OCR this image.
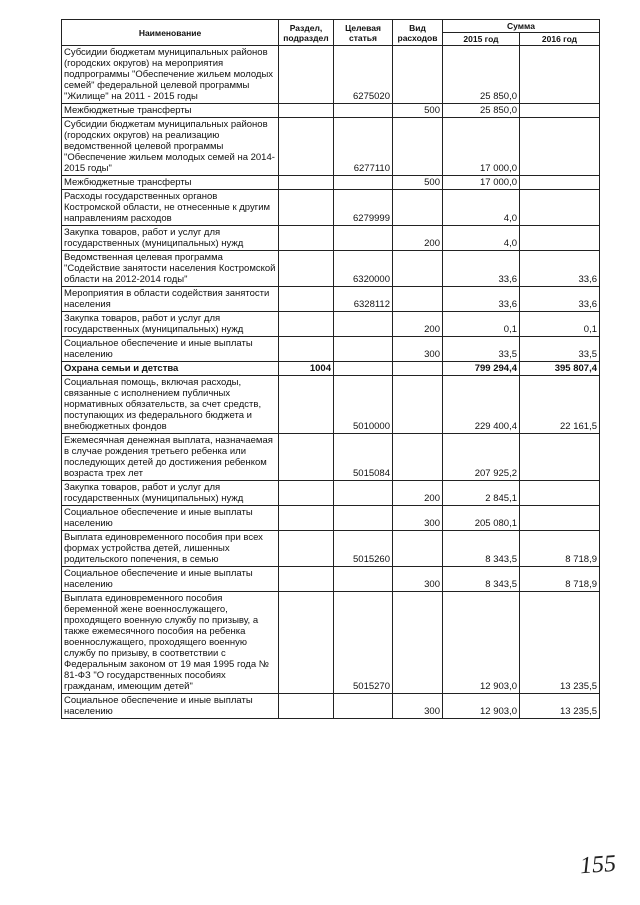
Наименование	Раздел, подраздел	Целевая статья	Вид расходов	Сумма	
				2015 год	2016 год
Субсидии бюджетам муниципальных районов (городских округов) на мероприятия подпрограммы "Обеспечение жильем молодых семей" федеральной целевой программы "Жилище" на 2011 - 2015 годы		6275020		25 850,0	
Межбюджетные трансферты			500	25 850,0	
Субсидии бюджетам муниципальных районов (городских округов) на реализацию ведомственной целевой программы "Обеспечение жильем молодых семей на 2014-2015 годы"		6277110		17 000,0	
Межбюджетные трансферты			500	17 000,0	
Расходы государственных органов Костромской области, не отнесенные к другим направлениям расходов		6279999		4,0	
Закупка товаров, работ и услуг для государственных (муниципальных) нужд			200	4,0	
Ведомственная целевая программа "Содействие занятости населения Костромской области на 2012-2014 годы"		6320000		33,6	33,6
Мероприятия в области содействия занятости населения		6328112		33,6	33,6
Закупка товаров, работ и услуг для государственных (муниципальных) нужд			200	0,1	0,1
Социальное обеспечение и иные выплаты населению			300	33,5	33,5
Охрана семьи и детства	1004			799 294,4	395 807,4
Социальная помощь, включая расходы, связанные с исполнением публичных нормативных обязательств, за счет средств, поступающих из федерального бюджета и внебюджетных фондов		5010000		229 400,4	22 161,5
Ежемесячная денежная выплата, назначаемая в случае рождения третьего ребенка или последующих детей до достижения ребенком возраста трех лет		5015084		207 925,2	
Закупка товаров, работ и услуг для государственных (муниципальных) нужд			200	2 845,1	
Социальное обеспечение и иные выплаты населению			300	205 080,1	
Выплата единовременного пособия при всех формах устройства детей, лишенных родительского попечения, в семью		5015260		8 343,5	8 718,9
Социальное обеспечение и иные выплаты населению			300	8 343,5	8 718,9
Выплата единовременного пособия беременной жене военнослужащего, проходящего военную службу по призыву, а также ежемесячного пособия на ребенка военнослужащего, проходящего военную службу по призыву, в соответствии с Федеральным законом от 19 мая 1995 года № 81-ФЗ "О государственных пособиях гражданам, имеющим детей"		5015270		12 903,0	13 235,5
Социальное обеспечение и иные выплаты населению			300	12 903,0	13 235,5
155
